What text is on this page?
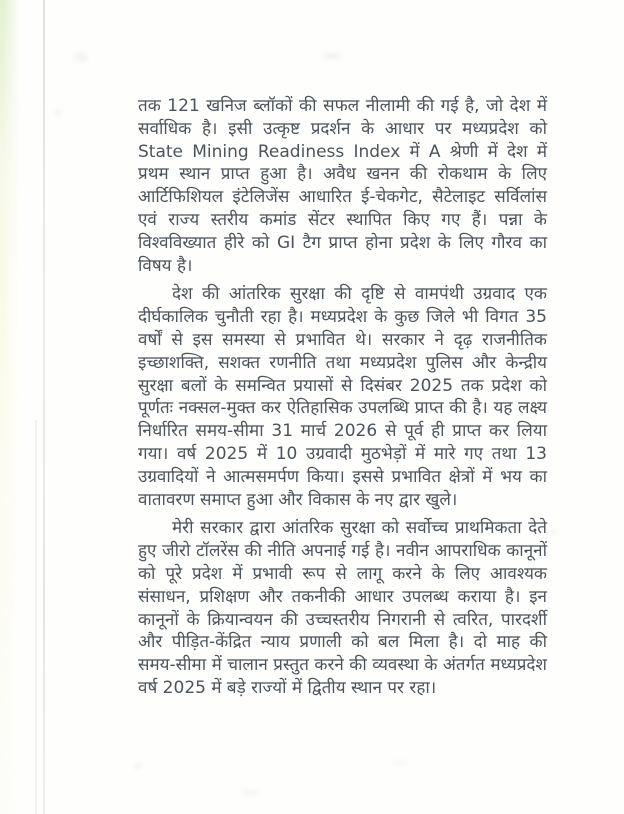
तक 121 खनिज ब्लॉकों की सफल नीलामी की गई है, जो देश में सर्वाधिक है। इसी उत्कृष्ट प्रदर्शन के आधार पर मध्यप्रदेश को State Mining Readiness Index में A श्रेणी में देश में प्रथम स्थान प्राप्त हुआ है। अवैध खनन की रोकथाम के लिए आर्टिफिशियल इंटेलिजेंस आधारित ई-चेकगेट, सैटेलाइट सर्विलांस एवं राज्य स्तरीय कमांड सेंटर स्थापित किए गए हैं। पन्ना के विश्वविख्यात हीरे को GI टैग प्राप्त होना प्रदेश के लिए गौरव का विषय है।

देश की आंतरिक सुरक्षा की दृष्टि से वामपंथी उग्रवाद एक दीर्घकालिक चुनौती रहा है। मध्यप्रदेश के कुछ जिले भी विगत 35 वर्षों से इस समस्या से प्रभावित थे। सरकार ने दृढ़ राजनीतिक इच्छाशक्ति, सशक्त रणनीति तथा मध्यप्रदेश पुलिस और केन्द्रीय सुरक्षा बलों के समन्वित प्रयासों से दिसंबर 2025 तक प्रदेश को पूर्णतः नक्सल-मुक्त कर ऐतिहासिक उपलब्धि प्राप्त की है। यह लक्ष्य निर्धारित समय-सीमा 31 मार्च 2026 से पूर्व ही प्राप्त कर लिया गया। वर्ष 2025 में 10 उग्रवादी मुठभेड़ों में मारे गए तथा 13 उग्रवादियों ने आत्मसमर्पण किया। इससे प्रभावित क्षेत्रों में भय का वातावरण समाप्त हुआ और विकास के नए द्वार खुले।

मेरी सरकार द्वारा आंतरिक सुरक्षा को सर्वोच्च प्राथमिकता देते हुए जीरो टॉलरेंस की नीति अपनाई गई है। नवीन आपराधिक कानूनों को पूरे प्रदेश में प्रभावी रूप से लागू करने के लिए आवश्यक संसाधन, प्रशिक्षण और तकनीकी आधार उपलब्ध कराया है। इन कानूनों के क्रियान्वयन की उच्चस्तरीय निगरानी से त्वरित, पारदर्शी और पीड़ित-केंद्रित न्याय प्रणाली को बल मिला है। दो माह की समय-सीमा में चालान प्रस्तुत करने की व्यवस्था के अंतर्गत मध्यप्रदेश वर्ष 2025 में बड़े राज्यों में द्वितीय स्थान पर रहा।
